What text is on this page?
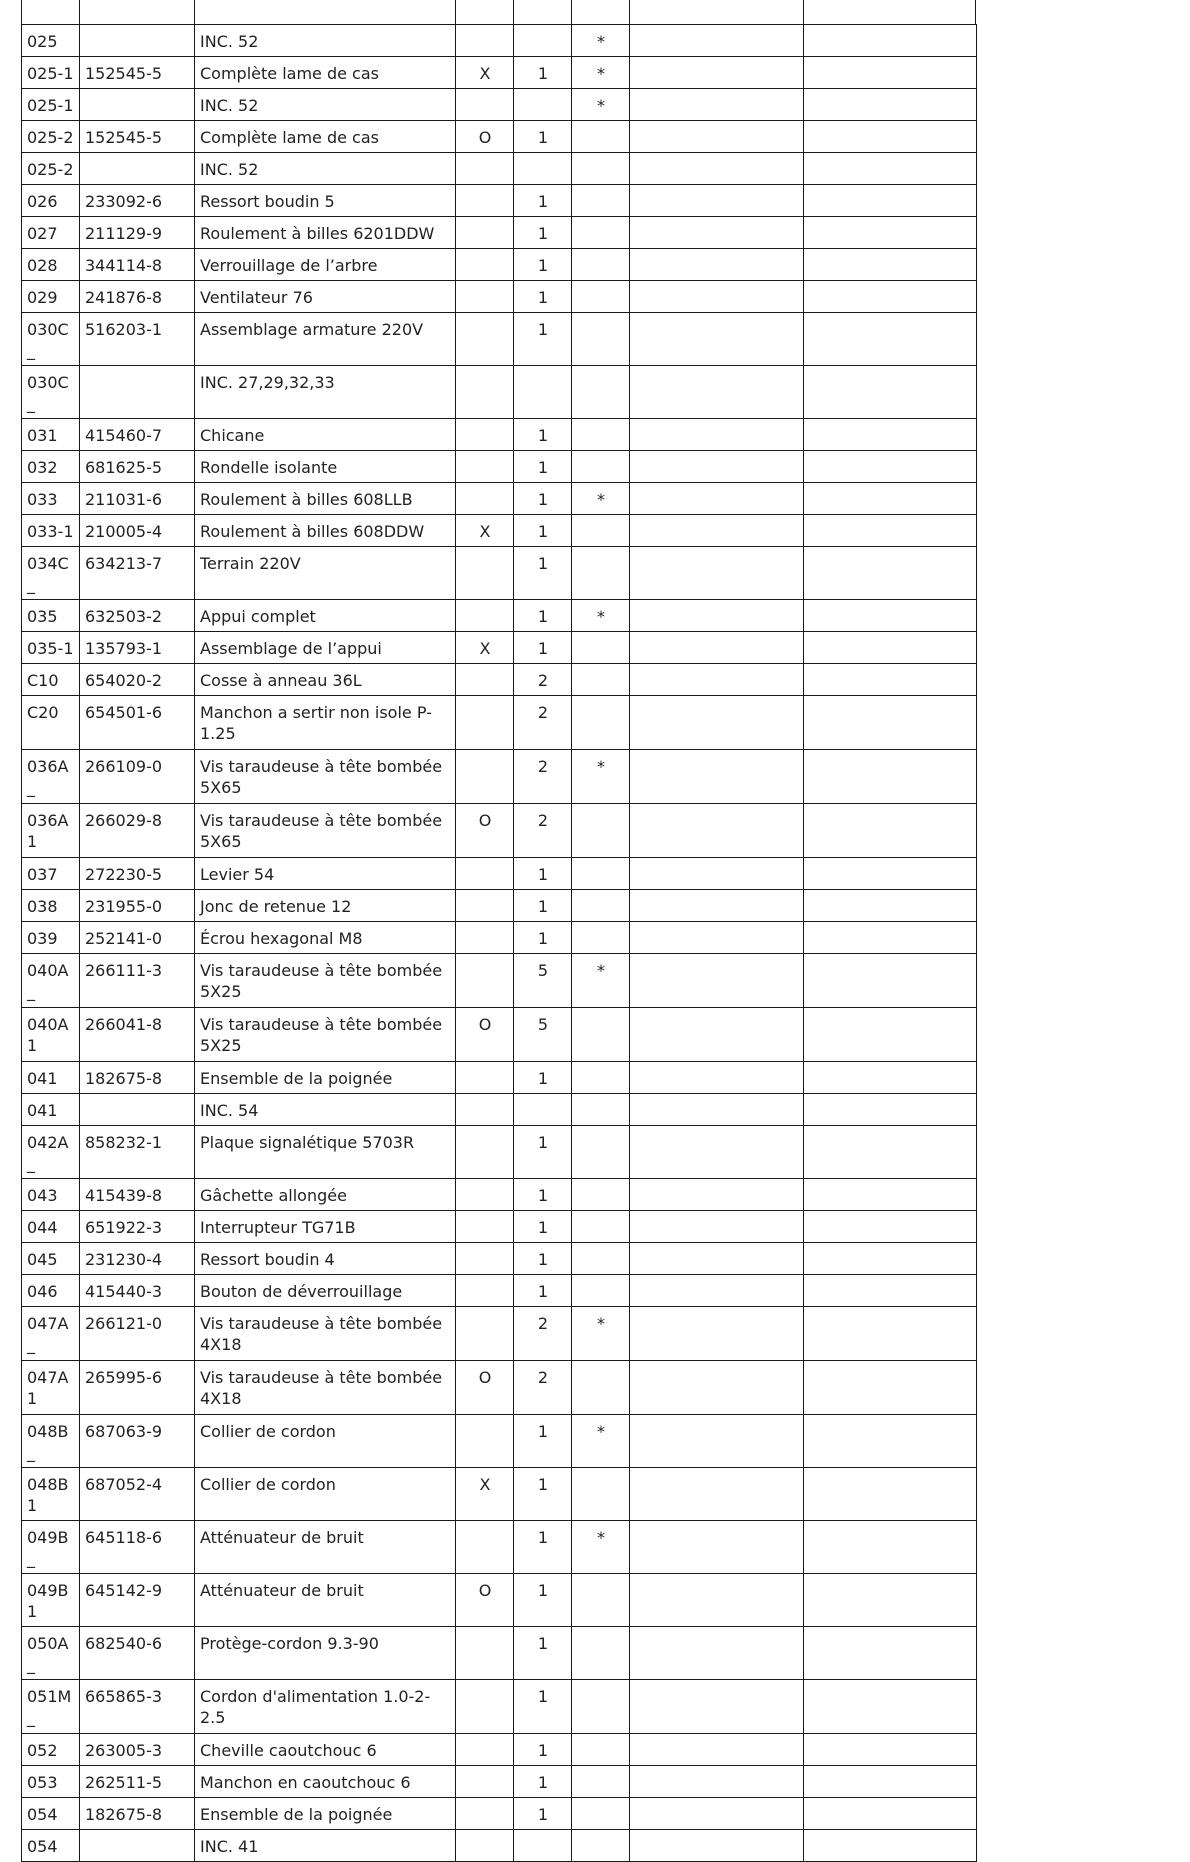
025		INC. 52			*		
025-1	152545-5	Complète lame de cas	X	1	*		
025-1		INC. 52			*		
025-2	152545-5	Complète lame de cas	O	1			
025-2		INC. 52					
026	233092-6	Ressort boudin 5		1			
027	211129-9	Roulement à billes 6201DDW		1			
028	344114-8	Verrouillage de l’arbre		1			
029	241876-8	Ventilateur 76		1			
030C_	516203-1	Assemblage armature 220V		1			
030C_		INC. 27,29,32,33					
031	415460-7	Chicane		1			
032	681625-5	Rondelle isolante		1			
033	211031-6	Roulement à billes 608LLB		1	*		
033-1	210005-4	Roulement à billes 608DDW	X	1			
034C_	634213-7	Terrain 220V		1			
035	632503-2	Appui complet		1	*		
035-1	135793-1	Assemblage de l’appui	X	1			
C10	654020-2	Cosse à anneau 36L		2			
C20	654501-6	Manchon a sertir non isole P-1.25		2			
036A_	266109-0	Vis taraudeuse à tête bombée 5X65		2	*		
036A1	266029-8	Vis taraudeuse à tête bombée 5X65	O	2			
037	272230-5	Levier 54		1			
038	231955-0	Jonc de retenue 12		1			
039	252141-0	Écrou hexagonal M8		1			
040A_	266111-3	Vis taraudeuse à tête bombée 5X25		5	*		
040A1	266041-8	Vis taraudeuse à tête bombée 5X25	O	5			
041	182675-8	Ensemble de la poignée		1			
041		INC. 54					
042A_	858232-1	Plaque signalétique 5703R		1			
043	415439-8	Gâchette allongée		1			
044	651922-3	Interrupteur TG71B		1			
045	231230-4	Ressort boudin 4		1			
046	415440-3	Bouton de déverrouillage		1			
047A_	266121-0	Vis taraudeuse à tête bombée 4X18		2	*		
047A1	265995-6	Vis taraudeuse à tête bombée 4X18	O	2			
048B_	687063-9	Collier de cordon		1	*		
048B1	687052-4	Collier de cordon	X	1			
049B_	645118-6	Atténuateur de bruit		1	*		
049B1	645142-9	Atténuateur de bruit	O	1			
050A_	682540-6	Protège-cordon 9.3-90		1			
051M_	665865-3	Cordon d'alimentation 1.0-2-2.5		1			
052	263005-3	Cheville caoutchouc 6		1			
053	262511-5	Manchon en caoutchouc 6		1			
054	182675-8	Ensemble de la poignée		1			
054		INC. 41					
